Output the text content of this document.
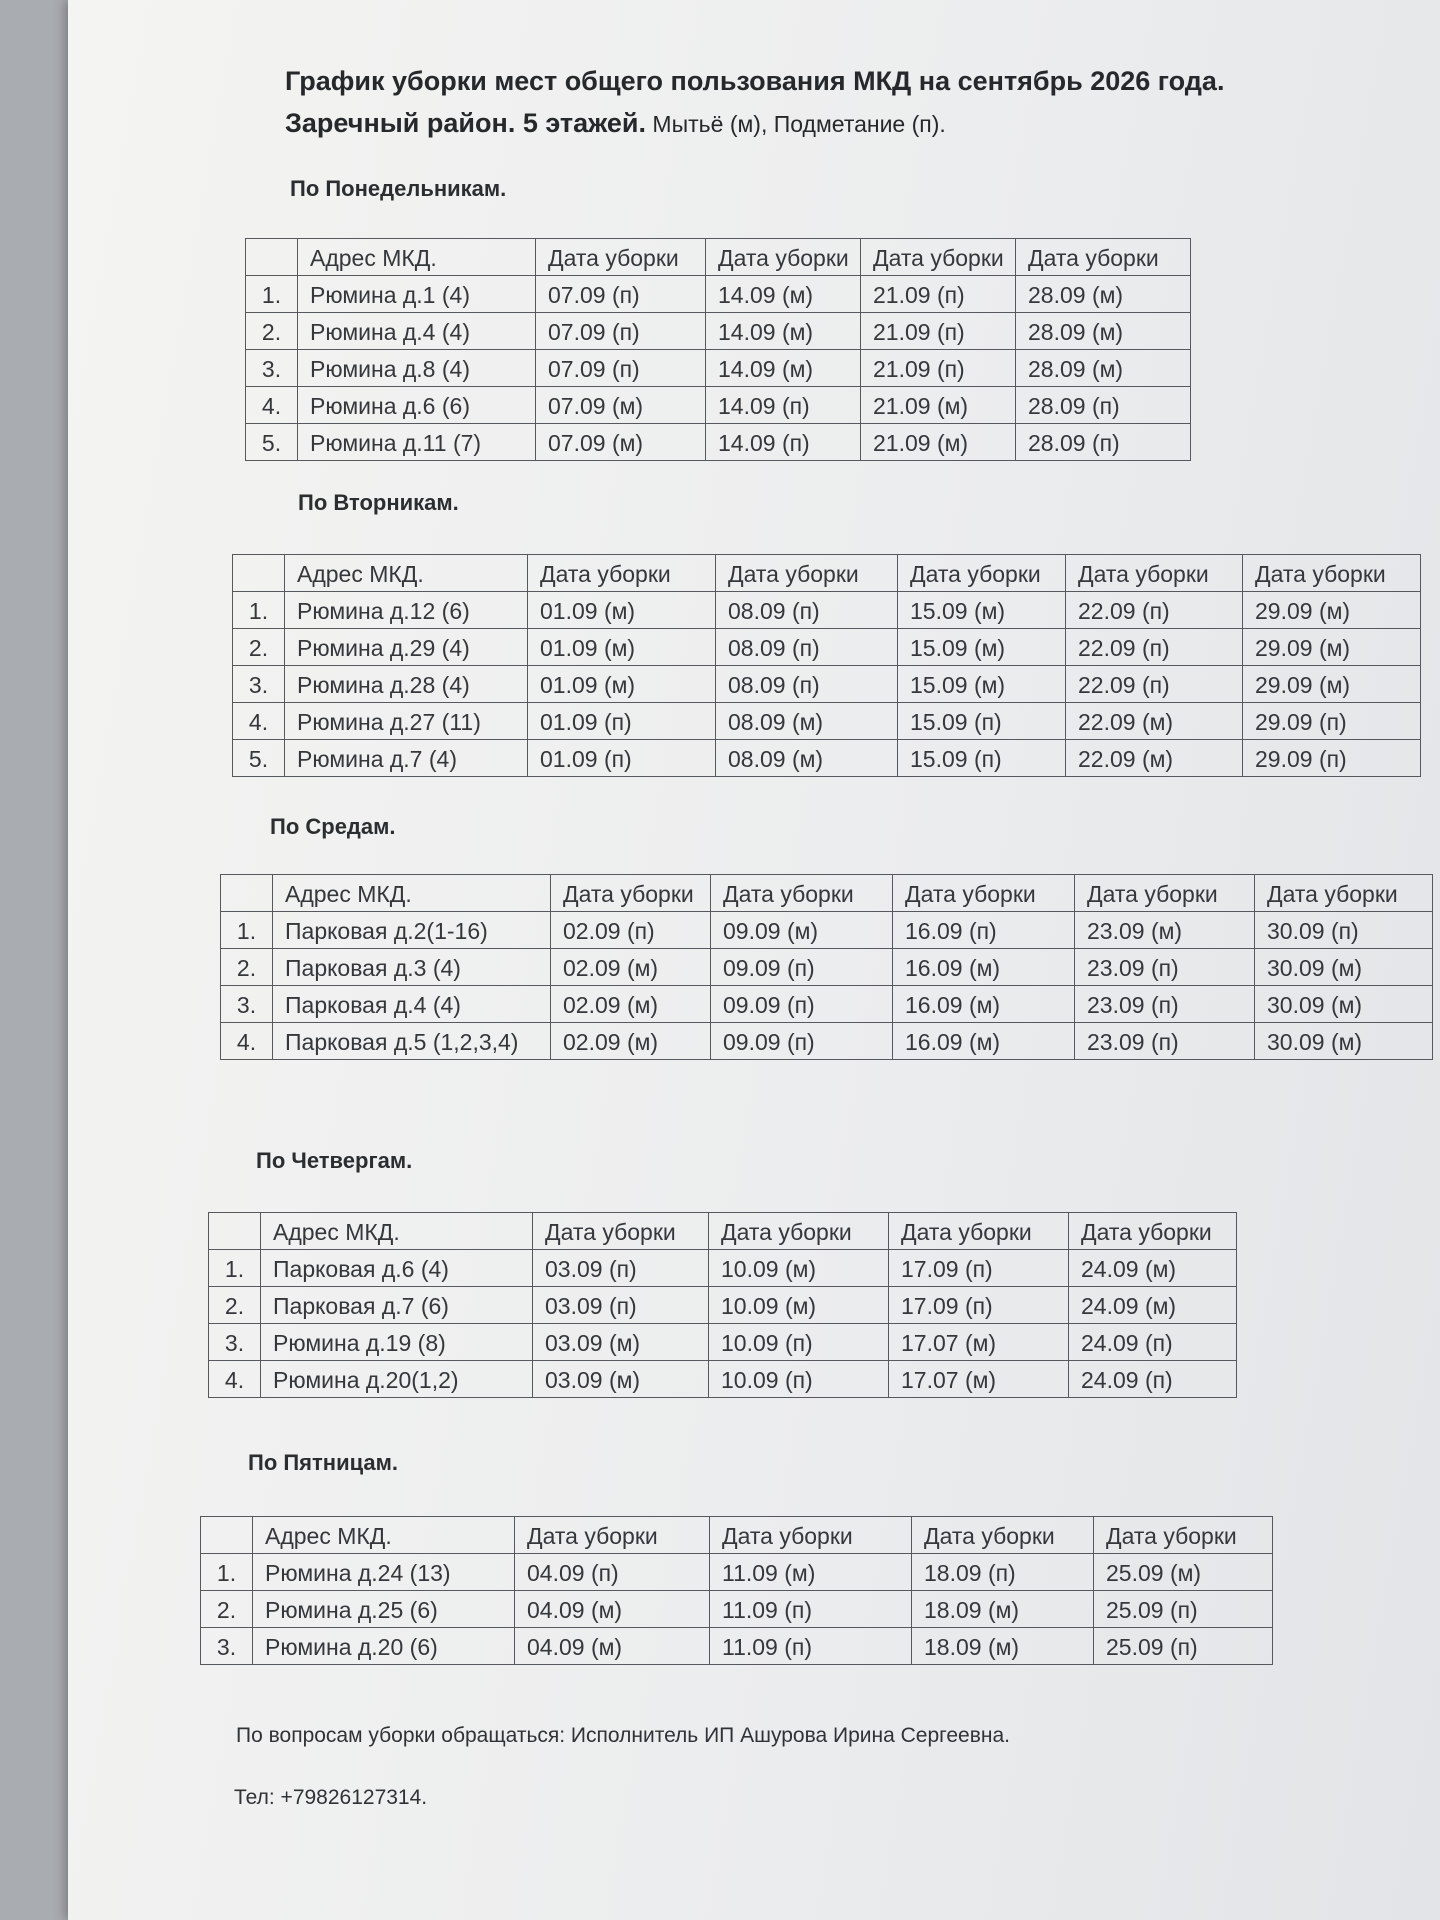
График уборки мест общего пользования МКД на сентябрь 2026 года.
Заречный район. 5 этажей. Мытьё (м), Подметание (п).
По Понедельникам.
	Адрес МКД.	Дата уборки	Дата уборки	Дата уборки	Дата уборки
1.	Рюмина д.1 (4)	07.09 (п)	14.09 (м)	21.09 (п)	28.09 (м)
2.	Рюмина д.4 (4)	07.09 (п)	14.09 (м)	21.09 (п)	28.09 (м)
3.	Рюмина д.8 (4)	07.09 (п)	14.09 (м)	21.09 (п)	28.09 (м)
4.	Рюмина д.6 (6)	07.09 (м)	14.09 (п)	21.09 (м)	28.09 (п)
5.	Рюмина д.11 (7)	07.09 (м)	14.09 (п)	21.09 (м)	28.09 (п)
По Вторникам.
	Адрес МКД.	Дата уборки	Дата уборки	Дата уборки	Дата уборки	Дата уборки
1.	Рюмина д.12 (6)	01.09 (м)	08.09 (п)	15.09 (м)	22.09 (п)	29.09 (м)
2.	Рюмина д.29 (4)	01.09 (м)	08.09 (п)	15.09 (м)	22.09 (п)	29.09 (м)
3.	Рюмина д.28 (4)	01.09 (м)	08.09 (п)	15.09 (м)	22.09 (п)	29.09 (м)
4.	Рюмина д.27 (11)	01.09 (п)	08.09 (м)	15.09 (п)	22.09 (м)	29.09 (п)
5.	Рюмина д.7 (4)	01.09 (п)	08.09 (м)	15.09 (п)	22.09 (м)	29.09 (п)
По Средам.
	Адрес МКД.	Дата уборки	Дата уборки	Дата уборки	Дата уборки	Дата уборки
1.	Парковая д.2(1-16)	02.09 (п)	09.09 (м)	16.09 (п)	23.09 (м)	30.09 (п)
2.	Парковая д.3 (4)	02.09 (м)	09.09 (п)	16.09 (м)	23.09 (п)	30.09 (м)
3.	Парковая д.4 (4)	02.09 (м)	09.09 (п)	16.09 (м)	23.09 (п)	30.09 (м)
4.	Парковая д.5 (1,2,3,4)	02.09 (м)	09.09 (п)	16.09 (м)	23.09 (п)	30.09 (м)
По Четвергам.
	Адрес МКД.	Дата уборки	Дата уборки	Дата уборки	Дата уборки
1.	Парковая д.6 (4)	03.09 (п)	10.09 (м)	17.09 (п)	24.09 (м)
2.	Парковая д.7 (6)	03.09 (п)	10.09 (м)	17.09 (п)	24.09 (м)
3.	Рюмина д.19 (8)	03.09 (м)	10.09 (п)	17.07 (м)	24.09 (п)
4.	Рюмина д.20(1,2)	03.09 (м)	10.09 (п)	17.07 (м)	24.09 (п)
По Пятницам.
	Адрес МКД.	Дата уборки	Дата уборки	Дата уборки	Дата уборки
1.	Рюмина д.24 (13)	04.09 (п)	11.09 (м)	18.09 (п)	25.09 (м)
2.	Рюмина д.25 (6)	04.09 (м)	11.09 (п)	18.09 (м)	25.09 (п)
3.	Рюмина д.20 (6)	04.09 (м)	11.09 (п)	18.09 (м)	25.09 (п)
По вопросам уборки обращаться: Исполнитель ИП Ашурова Ирина Сергеевна.
Тел: +79826127314.
